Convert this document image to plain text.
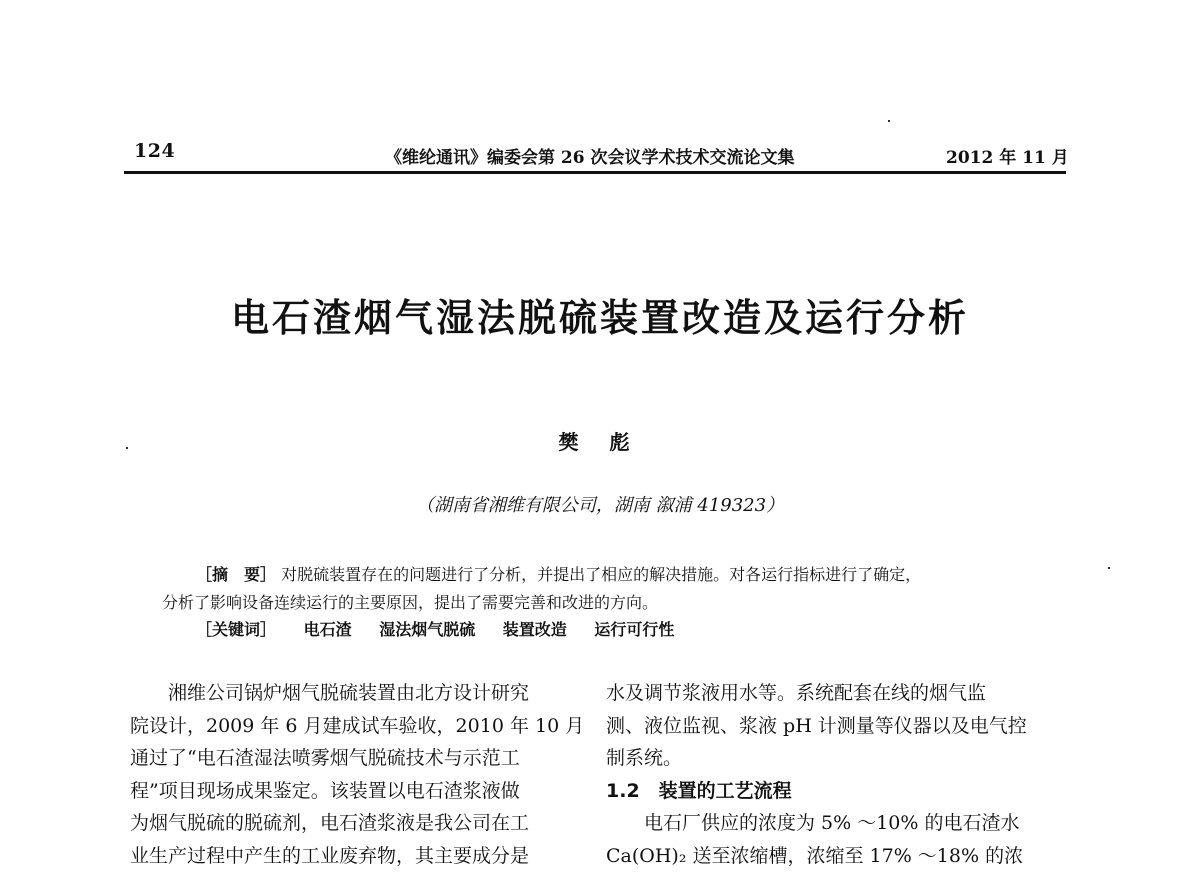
124	《维纶通讯》编委会第 26 次会议学术技术交流论文集	2012 年 11 月
电石渣烟气湿法脱硫装置改造及运行分析
樊 彪
（湖南省湘维有限公司，湖南 溆浦 419323）
［摘　要］ 对脱硫装置存在的问题进行了分析，并提出了相应的解决措施。对各运行指标进行了确定，
分析了影响设备连续运行的主要原因，提出了需要完善和改进的方向。
［关键词］ 电石渣 湿法烟气脱硫 装置改造 运行可行性
湘维公司锅炉烟气脱硫装置由北方设计研究
院设计，2009 年 6 月建成试车验收，2010 年 10 月
通过了“电石渣湿法喷雾烟气脱硫技术与示范工
程”项目现场成果鉴定。该装置以电石渣浆液做
为烟气脱硫的脱硫剂，电石渣浆液是我公司在工
业生产过程中产生的工业废弃物，其主要成分是
水及调节浆液用水等。系统配套在线的烟气监
测、液位监视、浆液 pH 计测量等仪器以及电气控
制系统。
1.2　装置的工艺流程
电石厂供应的浓度为 5% ～10% 的电石渣水
Ca(OH)₂ 送至浓缩槽，浓缩至 17% ～18% 的浓
